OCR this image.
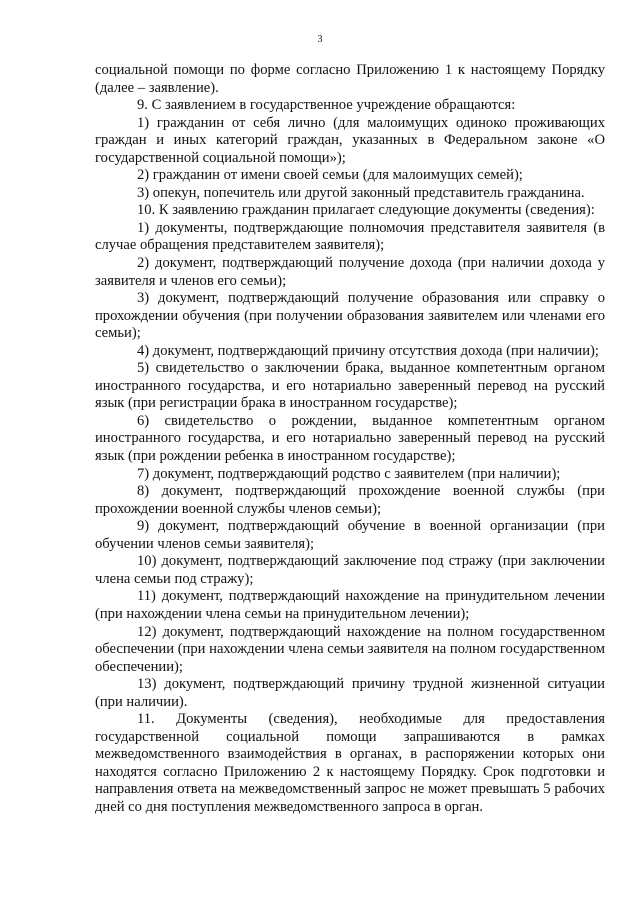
3

социальной помощи по форме согласно Приложению 1 к настоящему Порядку (далее – заявление).

9. С заявлением в государственное учреждение обращаются:

1) гражданин от себя лично (для малоимущих одиноко проживающих граждан и иных категорий граждан, указанных в Федеральном законе «О государственной социальной помощи»);

2) гражданин от имени своей семьи (для малоимущих семей);

3) опекун, попечитель или другой законный представитель гражданина.

10. К заявлению гражданин прилагает следующие документы (сведения):

1) документы, подтверждающие полномочия представителя заявителя (в случае обращения представителем заявителя);

2) документ, подтверждающий получение дохода (при наличии дохода у заявителя и членов его семьи);

3) документ, подтверждающий получение образования или справку о прохождении обучения (при получении образования заявителем или членами его семьи);

4) документ, подтверждающий причину отсутствия дохода (при наличии);

5) свидетельство о заключении брака, выданное компетентным органом иностранного государства, и его нотариально заверенный перевод на русский язык (при регистрации брака в иностранном государстве);

6) свидетельство о рождении, выданное компетентным органом иностранного государства, и его нотариально заверенный перевод на русский язык (при рождении ребенка в иностранном государстве);

7) документ, подтверждающий родство с заявителем (при наличии);

8) документ, подтверждающий прохождение военной службы (при прохождении военной службы членов семьи);

9) документ, подтверждающий обучение в военной организации (при обучении членов семьи заявителя);

10) документ, подтверждающий заключение под стражу (при заключении члена семьи под стражу);

11) документ, подтверждающий нахождение на принудительном лечении (при нахождении члена семьи на принудительном лечении);

12) документ, подтверждающий нахождение на полном государственном обеспечении (при нахождении члена семьи заявителя на полном государственном обеспечении);

13) документ, подтверждающий причину трудной жизненной ситуации (при наличии).

11. Документы (сведения), необходимые для предоставления государственной социальной помощи запрашиваются в рамках межведомственного взаимодействия в органах, в распоряжении которых они находятся согласно Приложению 2 к настоящему Порядку. Срок подготовки и направления ответа на межведомственный запрос не может превышать 5 рабочих дней со дня поступления межведомственного запроса в орган.
